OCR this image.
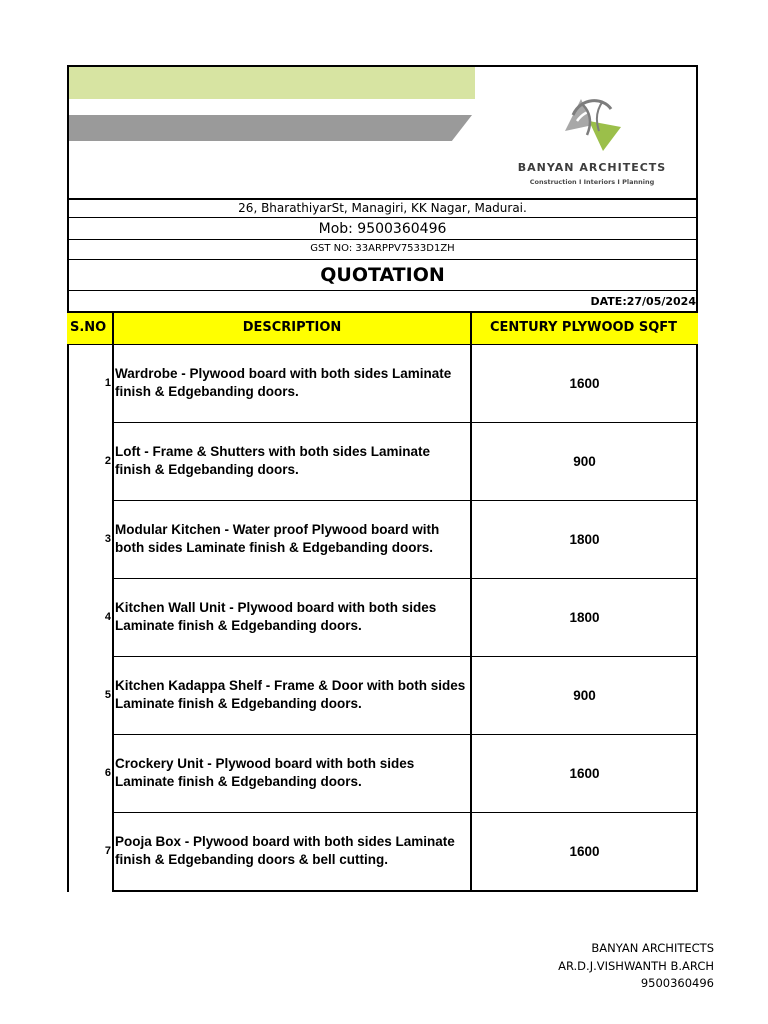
BANYAN ARCHITECTS
Construction I Interiors I Planning
26, BharathiyarSt, Managiri, KK Nagar, Madurai.
Mob: 9500360496
GST NO: 33ARPPV7533D1ZH
QUOTATION
DATE:27/05/2024
S.NO	DESCRIPTION	CENTURY PLYWOOD SQFT
1
Wardrobe - Plywood board with both sides Laminate finish & Edgebanding doors.
1600
2
Loft - Frame & Shutters with both sides Laminate finish & Edgebanding doors.
900
3
Modular Kitchen - Water proof Plywood board with both sides Laminate finish & Edgebanding doors.
1800
4
Kitchen Wall Unit - Plywood board with both sides Laminate finish & Edgebanding doors.
1800
5
Kitchen Kadappa Shelf - Frame & Door with both sides Laminate finish & Edgebanding doors.
900
6
Crockery Unit - Plywood board with both sides Laminate finish & Edgebanding doors.
1600
7
Pooja Box - Plywood board with both sides Laminate finish & Edgebanding doors & bell cutting.
1600
BANYAN ARCHITECTS
AR.D.J.VISHWANTH B.ARCH
9500360496
